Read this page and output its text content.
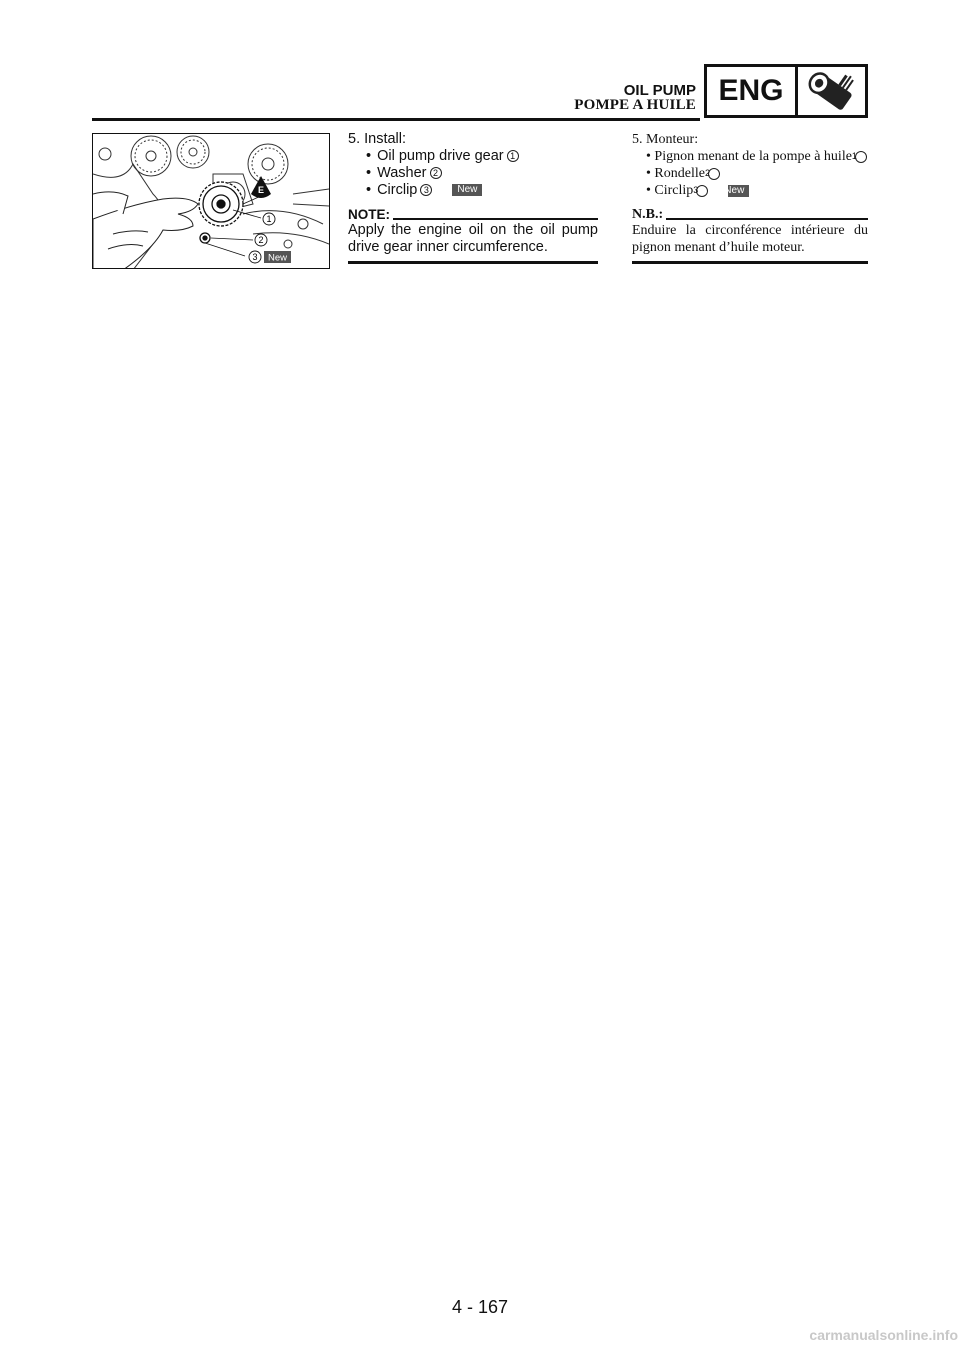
OIL PUMP
POMPE A HUILE ENG
E
1
2
3 New

5. Install:

• Oil pump drive gear 1

• Washer 2

• Circlip 3	New

NOTE:
Apply the engine oil on the oil pump drive gear inner circumference.

5. Monteur:

• Pignon menant de la pompe à huile1

• Rondelle2

• Circlip3	New

N.B.:
Enduire la circonférence intérieure du pignon menant d’huile moteur.
4 - 167
carmanualsonline.info
